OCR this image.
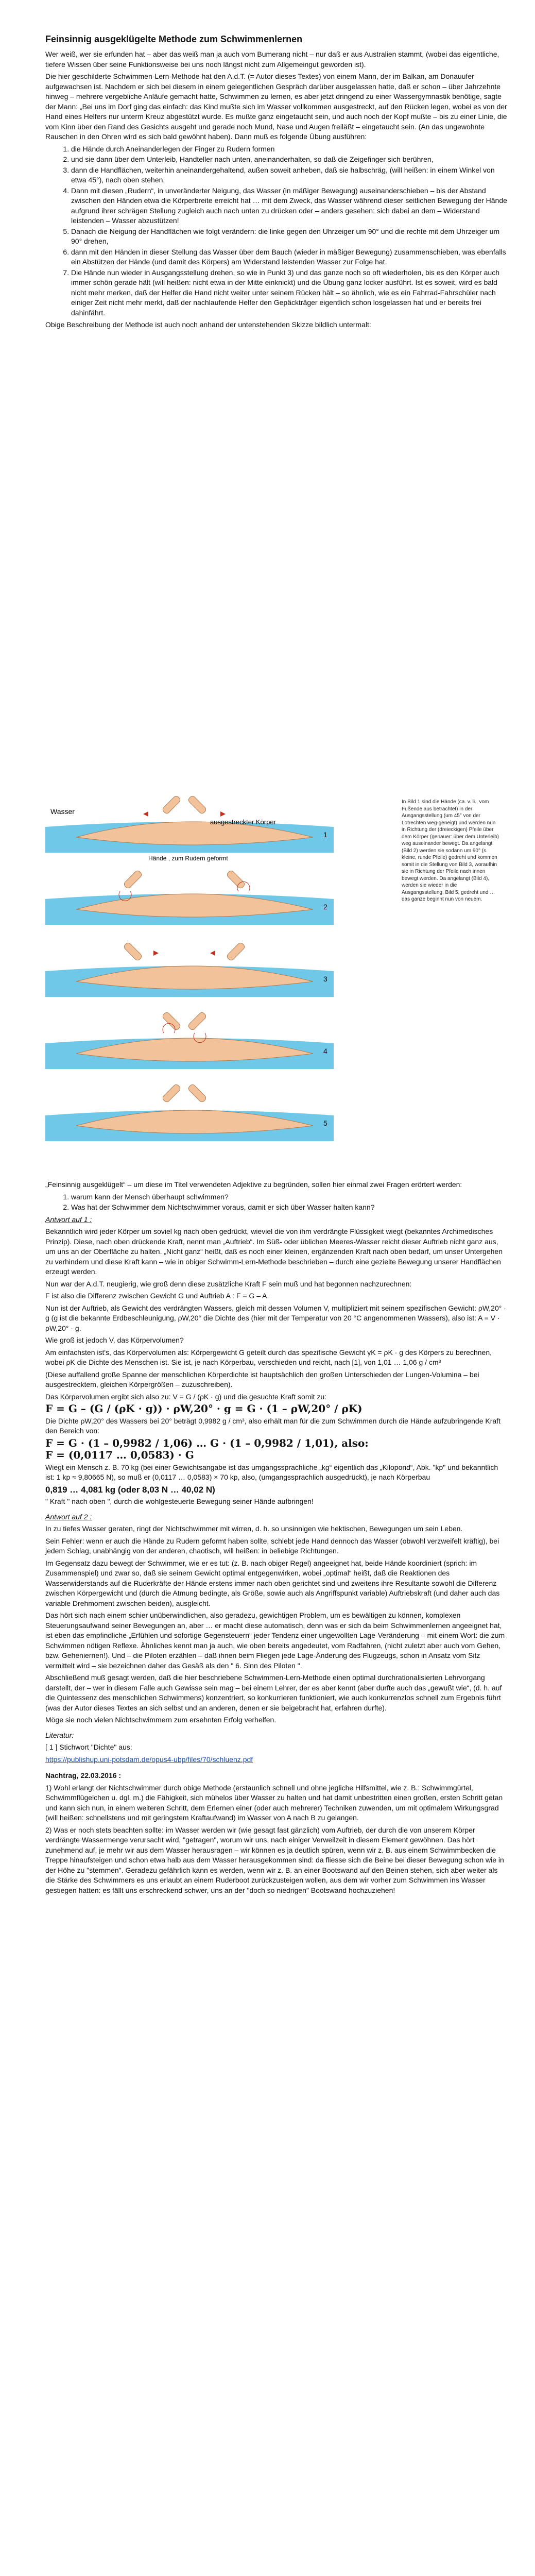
Feinsinnig ausgeklügelte Methode zum Schwimmenlernen

Wer weiß, wer sie erfunden hat – aber das weiß man ja auch vom Bumerang nicht – nur daß er aus Australien stammt, (wobei das eigentliche, tiefere Wissen über seine Funktionsweise bei uns noch längst nicht zum Allgemeingut geworden ist).

Die hier geschilderte Schwimmen-Lern-Methode hat den A.d.T. (= Autor dieses Textes) von einem Mann, der im Balkan, am Donauufer aufgewachsen ist. Nachdem er sich bei diesem in einem gelegentlichen Gespräch darüber ausgelassen hatte, daß er schon – über Jahrzehnte hinweg – mehrere vergebliche Anläufe gemacht hatte, Schwimmen zu lernen, es aber jetzt dringend zu einer Wassergymnastik benötige, sagte der Mann: „Bei uns im Dorf ging das einfach: das Kind mußte sich im Wasser vollkommen ausgestreckt, auf den Rücken legen, wobei es von der Hand eines Helfers nur unterm Kreuz abgestützt wurde. Es mußte ganz eingetaucht sein, und auch noch der Kopf mußte – bis zu einer Linie, die vom Kinn über den Rand des Gesichts ausgeht und gerade noch Mund, Nase und Augen freiläßt – eingetaucht sein. (An das ungewohnte Rauschen in den Ohren wird es sich bald gewöhnt haben). Dann muß es folgende Übung ausführen:

1. die Hände durch Aneinanderlegen der Finger zu Rudern formen
2. und sie dann über dem Unterleib, Handteller nach unten, aneinanderhalten, so daß die Zeigefinger sich berühren,
3. dann die Handflächen, weiterhin aneinandergehaltend, außen soweit anheben, daß sie halbschräg, (will heißen: in einem Winkel von etwa 45°), nach oben stehen.
4. Dann mit diesen „Rudern“, in unveränderter Neigung, das Wasser (in mäßiger Bewegung) auseinanderschieben – bis der Abstand zwischen den Händen etwa die Körperbreite erreicht hat … mit dem Zweck, das Wasser während dieser seitlichen Bewegung der Hände aufgrund ihrer schrägen Stellung zugleich auch nach unten zu drücken oder – anders gesehen: sich dabei an dem – Widerstand leistenden – Wasser abzustützen!
5. Danach die Neigung der Handflächen wie folgt verändern: die linke gegen den Uhrzeiger um 90° und die rechte mit dem Uhrzeiger um 90° drehen,
6. dann mit den Händen in dieser Stellung das Wasser über dem Bauch (wieder in mäßiger Bewegung) zusammenschieben, was ebenfalls ein Abstützen der Hände (und damit des Körpers) am Widerstand leistenden Wasser zur Folge hat.
7. Die Hände nun wieder in Ausgangsstellung drehen, so wie in Punkt 3) und das ganze noch so oft wiederholen, bis es den Körper auch immer schön gerade hält (will heißen: nicht etwa in der Mitte einknickt) und die Übung ganz locker ausführt. Ist es soweit, wird es bald nicht mehr merken, daß der Helfer die Hand nicht weiter unter seinem Rücken hält – so ähnlich, wie es ein Fahrrad-Fahrschüler nach einiger Zeit nicht mehr merkt, daß der nachlaufende Helfer den Gepäckträger eigentlich schon losgelassen hat und er bereits frei dahinfährt.

Obige Beschreibung der Methode ist auch noch anhand der untenstehenden Skizze bildlich untermalt:

Wasser
ausgestreckter Körper
Hände , zum Rudern geformt
1
2
3
4
5
In Bild 1 sind die Hände (ca. v. li., vom Fußende aus betrachtet) in der Ausgangsstellung (um 45° von der Lotrechten weg-geneigt) und werden nun in Richtung der (dreieckigen) Pfeile über dem Körper (genauer: über dem Unterleib) weg auseinander bewegt. Da angelangt (Bild 2) werden sie sodann um 90° (s. kleine, runde Pfeile) gedreht und kommen somit in die Stellung von Bild 3, woraufhin sie in Richtung der Pfeile nach innen bewegt werden. Da angelangt (Bild 4), werden sie wieder in die Ausgangsstellung, Bild 5, gedreht und … das ganze beginnt nun von neuem.

„Feinsinnig ausgeklügelt“ – um diese im Titel verwendeten Adjektive zu begründen, sollen hier einmal zwei Fragen erörtert werden:

1. warum kann der Mensch überhaupt schwimmen?
2. Was hat der Schwimmer dem Nichtschwimmer voraus, damit er sich über Wasser halten kann?

Antwort auf 1 :

Bekanntlich wird jeder Körper um soviel kg nach oben gedrückt, wieviel die von ihm verdrängte Flüssigkeit wiegt (bekanntes Archimedisches Prinzip). Diese, nach oben drückende Kraft, nennt man „Auftrieb“. Im Süß- oder üblichen Meeres-Wasser reicht dieser Auftrieb nicht ganz aus, um uns an der Oberfläche zu halten. „Nicht ganz“ heißt, daß es noch einer kleinen, ergänzenden Kraft nach oben bedarf, um unser Untergehen zu verhindern und diese Kraft kann – wie in obiger Schwimm-Lern-Methode beschrieben – durch eine gezielte Bewegung unserer Handflächen erzeugt werden.

Nun war der A.d.T. neugierig, wie groß denn diese zusätzliche Kraft F sein muß und hat begonnen nachzurechnen:

F ist also die Differenz zwischen Gewicht G und Auftrieb A : F = G – A.

Nun ist der Auftrieb, als Gewicht des verdrängten Wassers, gleich mit dessen Volumen V, multipliziert mit seinem spezifischen Gewicht: ρW,20° · g (g ist die bekannte Erdbeschleunigung, ρW,20° die Dichte des (hier mit der Temperatur von 20 °C angenommenen Wassers), also ist: A = V · ρW,20° · g.

Wie groß ist jedoch V, das Körpervolumen?

Am einfachsten ist's, das Körpervolumen als: Körpergewicht G geteilt durch das spezifische Gewicht γK = ρK · g des Körpers zu berechnen, wobei ρK die Dichte des Menschen ist. Sie ist, je nach Körperbau, verschieden und reicht, nach [1], von 1,01 … 1,06 g / cm³

(Diese auffallend große Spanne der menschlichen Körperdichte ist hauptsächlich den großen Unterschieden der Lungen-Volumina – bei ausgestrecktem, gleichen Körpergrößen – zuzuschreiben).

Das Körpervolumen ergibt sich also zu: V = G / (ρK · g) und die gesuchte Kraft somit zu:

F = G – (G / (ρK · g)) · ρW,20° · g = G · (1 – ρW,20° / ρK)

Die Dichte ρW,20° des Wassers bei 20° beträgt 0,9982 g / cm³, also erhält man für die zum Schwimmen durch die Hände aufzubringende Kraft den Bereich von:

F = G · (1 – 0,9982 / 1,06) … G · (1 – 0,9982 / 1,01), also:

F = (0,0117 … 0,0583) · G

Wiegt ein Mensch z. B. 70 kg (bei einer Gewichtsangabe ist das umgangssprachliche „kg“ eigentlich das „Kilopond“, Abk. "kp" und bekanntlich ist: 1 kp ≈ 9,80665 N), so muß er (0,0117 … 0,0583) × 70 kp, also, (umgangssprachlich ausgedrückt), je nach Körperbau

0,819 … 4,081 kg (oder 8,03 N … 40,02 N)

" Kraft " nach oben ", durch die wohlgesteuerte Bewegung seiner Hände aufbringen!

Antwort auf 2 :

In zu tiefes Wasser geraten, ringt der Nichtschwimmer mit wirren, d. h. so unsinnigen wie hektischen, Bewegungen um sein Leben.

Sein Fehler: wenn er auch die Hände zu Rudern geformt haben sollte, schlebt jede Hand dennoch das Wasser (obwohl verzweifelt kräftig), bei jedem Schlag, unabhängig von der anderen, chaotisch, will heißen: in beliebige Richtungen.

Im Gegensatz dazu bewegt der Schwimmer, wie er es tut: (z. B. nach obiger Regel) angeeignet hat, beide Hände koordiniert (sprich: im Zusammenspiel) und zwar so, daß sie seinem Gewicht optimal entgegenwirken, wobei „optimal“ heißt, daß die Reaktionen des Wasserwiderstands auf die Ruderkräfte der Hände erstens immer nach oben gerichtet sind und zweitens ihre Resultante sowohl die Differenz zwischen Körpergewicht und (durch die Atmung bedingte, als Größe, sowie auch als Angriffspunkt variable) Auftriebskraft (und daher auch das variable Drehmoment zwischen beiden), ausgleicht.

Das hört sich nach einem schier unüberwindlichen, also geradezu, gewichtigen Problem, um es bewältigen zu können, komplexen Steuerungsaufwand seiner Bewegungen an, aber … er macht diese automatisch, denn was er sich da beim Schwimmenlernen angeeignet hat, ist eben das empfindliche „Erfühlen und sofortige Gegensteuern“ jeder Tendenz einer ungewollten Lage-Veränderung – mit einem Wort: die zum Schwimmen nötigen Reflexe. Ähnliches kennt man ja auch, wie oben bereits angedeutet, vom Radfahren, (nicht zuletzt aber auch vom Gehen, bzw. Geheniernen!). Und – die Piloten erzählen – daß ihnen beim Fliegen jede Lage-Änderung des Flugzeugs, schon in Ansatz vom Sitz vermittelt wird – sie bezeichnen daher das Gesäß als den " 6. Sinn des Piloten ".

Abschließend muß gesagt werden, daß die hier beschriebene Schwimmen-Lern-Methode einen optimal durchrationalisierten Lehrvorgang darstellt, der – wer in diesem Falle auch Gewisse sein mag – bei einem Lehrer, der es aber kennt (aber durfte auch das „gewußt wie“, (d. h. auf die Quintessenz des menschlichen Schwimmens) konzentriert, so konkurrieren funktioniert, wie auch konkurrenzlos schnell zum Ergebnis führt (was der Autor dieses Textes an sich selbst und an anderen, denen er sie beigebracht hat, erfahren durfte).

Möge sie noch vielen Nichtschwimmern zum ersehnten Erfolg verhelfen.

Literatur:

[ 1 ] Stichwort "Dichte" aus:

https://publishup.uni-potsdam.de/opus4-ubp/files/70/schluenz.pdf

Nachtrag, 22.03.2016 :

1) Wohl erlangt der Nichtschwimmer durch obige Methode (erstaunlich schnell und ohne jegliche Hilfsmittel, wie z. B.: Schwimmgürtel, Schwimmflügelchen u. dgl. m.) die Fähigkeit, sich mühelos über Wasser zu halten und hat damit unbestritten einen großen, ersten Schritt getan und kann sich nun, in einem weiteren Schritt, dem Erlernen einer (oder auch mehrerer) Techniken zuwenden, um mit optimalem Wirkungsgrad (will heißen: schnellstens und mit geringstem Kraftaufwand) im Wasser von A nach B zu gelangen.

2) Was er noch stets beachten sollte: im Wasser werden wir (wie gesagt fast gänzlich) vom Auftrieb, der durch die von unserem Körper verdrängte Wassermenge verursacht wird, "getragen", worum wir uns, nach einiger Verweilzeit in diesem Element gewöhnen. Das hört zunehmend auf, je mehr wir aus dem Wasser herausragen – wir können es ja deutlich spüren, wenn wir z. B. aus einem Schwimmbecken die Treppe hinaufsteigen und schon etwa halb aus dem Wasser herausgekommen sind: da fliesse sich die Beine bei dieser Bewegung schon wie in der Höhe zu "stemmen". Geradezu gefährlich kann es werden, wenn wir z. B. an einer Bootswand auf den Beinen stehen, sich aber weiter als die Stärke des Schwimmers es uns erlaubt an einem Ruderboot zurückzusteigen wollen, aus dem wir vorher zum Schwimmen ins Wasser gestiegen hatten: es fällt uns erschreckend schwer, uns an der "doch so niedrigen" Bootswand hochzuziehen!
